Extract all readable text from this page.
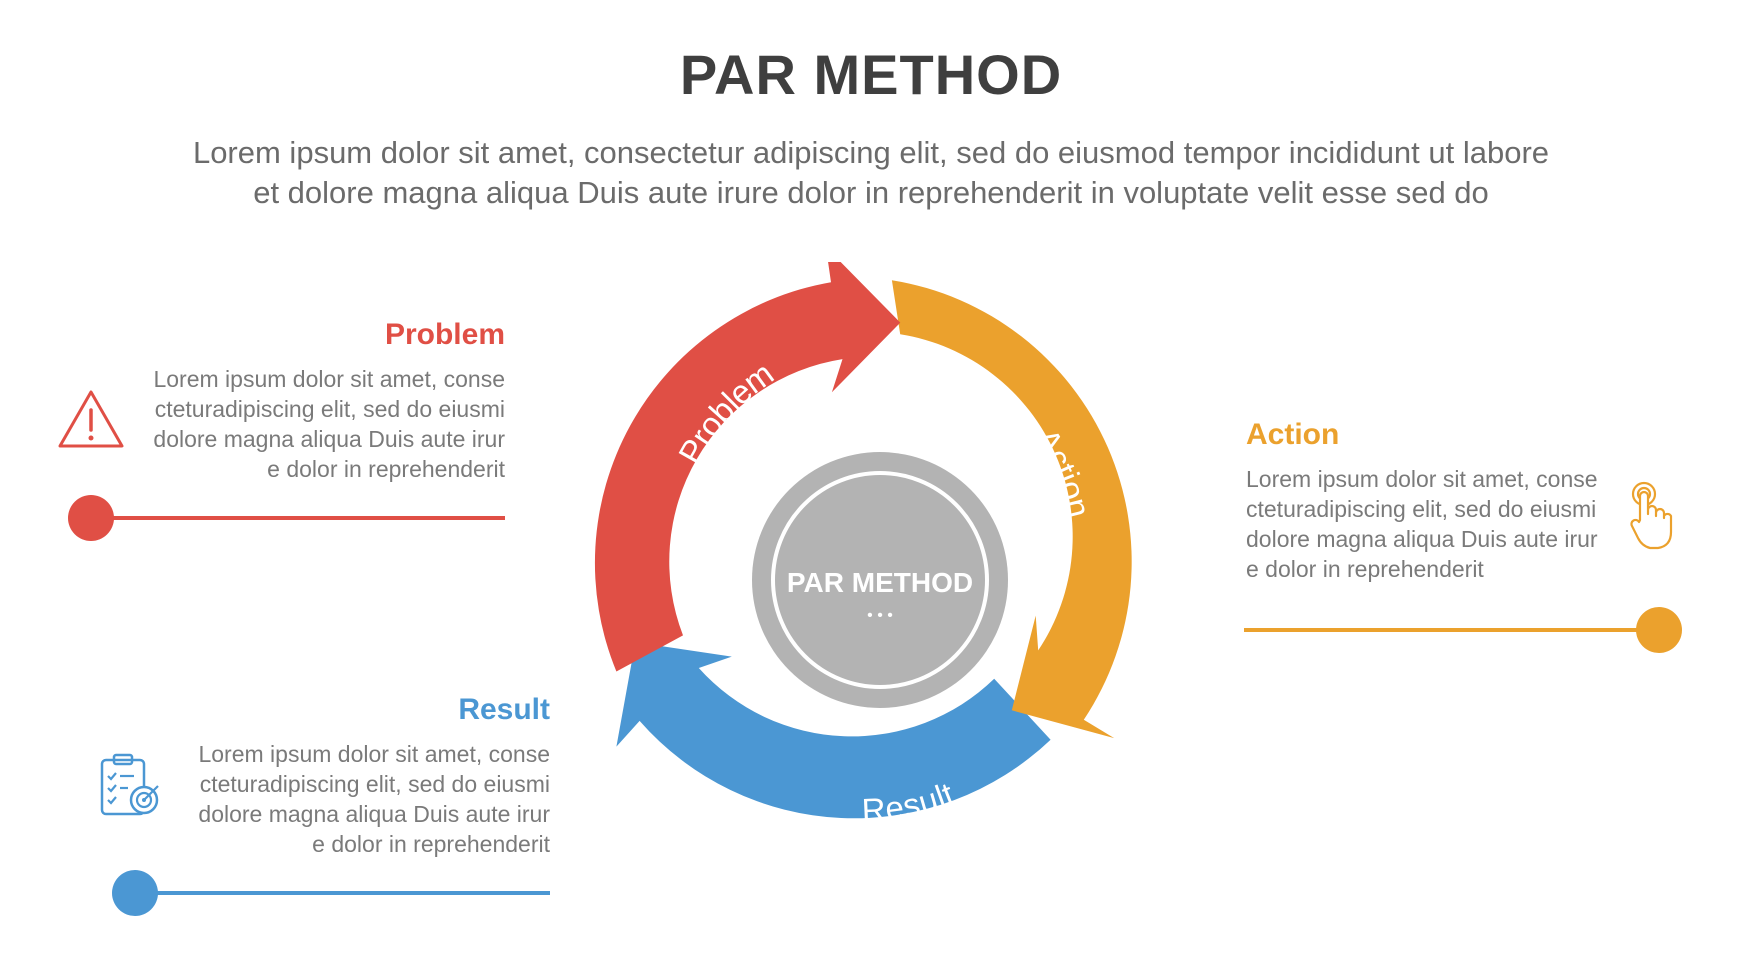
PAR METHOD
Lorem ipsum dolor sit amet, consectetur adipiscing elit, sed do eiusmod tempor incididunt ut labore
et dolore magna aliqua Duis aute irure dolor in reprehenderit in voluptate velit esse sed do
Problem
Lorem ipsum dolor sit amet, conse
cteturadipiscing elit, sed do eiusmi
dolore magna aliqua Duis aute irur
e dolor in reprehenderit
Result
Lorem ipsum dolor sit amet, conse
cteturadipiscing elit, sed do eiusmi
dolore magna aliqua Duis aute irur
e dolor in reprehenderit
Action
Lorem ipsum dolor sit amet, conse
cteturadipiscing elit, sed do eiusmi
dolore magna aliqua Duis aute irur
e dolor in reprehenderit
Problem
Action
Result
PAR METHOD
• • •
